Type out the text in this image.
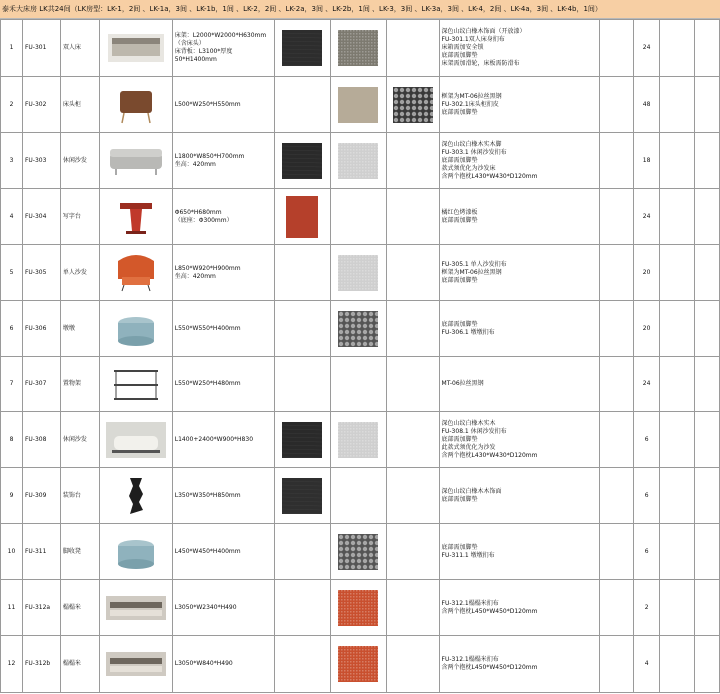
泰禾大床房 LK共24间（LK房型：LK-1，2间 、LK-1a，3间 、LK-1b，1间 、LK-2，2间 、LK-2a，3间 、LK-2b，1间 、LK-3，3间 、LK-3a，3间 、LK-4，2间 、LK-4a，3间 、LK-4b，1间）
1	FU-301	双人床		床架：L2000*W2000*H630mm
（含床头）
床背板：L3100*厚度
50*H1400mm				深色山纹白橡木饰面（开放漆）
FU-301.1双人床身扪布
床箱需加安全锁
底部需加脚垫
床架需加滑轮，床板需防滑布		24		
2	FU-302	床头柜		L500*W250*H550mm				框架为MT-06拉丝黑钢
FU-302.1床头柜扪皮
底部需加脚垫		48		
3	FU-303	休闲沙发		L1800*W850*H700mm
坐高：420mm				深色山纹白橡木实木脚
FU-303.1 休闲沙发扪布
底部需加脚垫
款式须优化为沙发床
含两个抱枕L430*W430*D120mm		18		
4	FU-304	写字台		Φ650*H680mm
（底座：Φ300mm）				橘红色烤漆板
底部需加脚垫		24		
5	FU-305	单人沙发		L850*W920*H900mm
坐高：420mm				FU-305.1 单人沙发扪布
框架为MT-06拉丝黑钢
底部需加脚垫		20		
6	FU-306	墩墩		L550*W550*H400mm				底部需加脚垫
FU-306.1 墩墩扪布		20		
7	FU-307	置物架		L550*W250*H480mm				MT-06拉丝黑钢		24		
8	FU-308	休闲沙发		L1400+2400*W900*H830				深色山纹白橡木实木
FU-308.1 休闲沙发扪布
底部需加脚垫
此款式须优化为沙发
含两个抱枕L430*W430*D120mm		6		
9	FU-309	装饰台		L350*W350*H850mm				深色山纹白橡木木饰面
底部需加脚垫		6		
10	FU-311	脚收凳		L450*W450*H400mm				底部需加脚垫
FU-311.1 墩墩扪布		6		
11	FU-312a	榻榻米		L3050*W2340*H490				FU-312.1榻榻米扪布
含两个抱枕L450*W450*D120mm		2		
12	FU-312b	榻榻米		L3050*W840*H490				FU-312.1榻榻米扪布
含两个抱枕L450*W450*D120mm		4		
